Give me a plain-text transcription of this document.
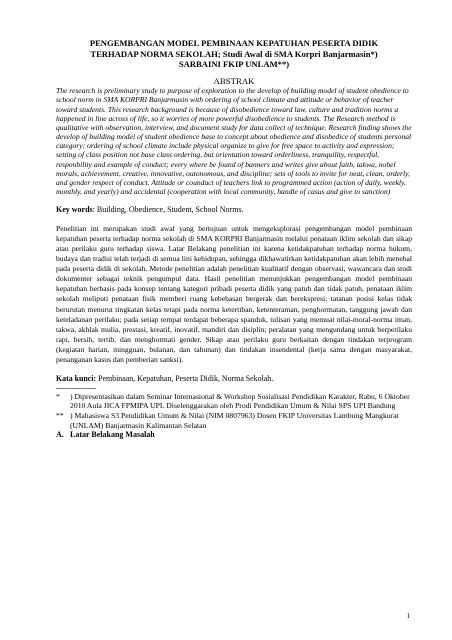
PENGEMBANGAN MODEL PEMBINAAN KEPATUHAN PESERTA DIDIK
TERHADAP NORMA SEKOLAH; Studi Awal di SMA Korpri Banjarmasin*)
SARBAINI FKIP UNLAM**)
ABSTRAK

The research is preliminary study to purpose of exploration to the develop of building model of student obedience to school norm in SMA KORPRI Banjarmasin with ordering of school climate and attitude or behavior of teacher toward students. This research background is because of disobedience toward law, culture and tradition norms a happened in line across of life, so it worries of more powerful disobedience to students. The Research method is qualitative with observation, interview, and document study for data collect of technique. Research finding shows the develop of building model of student obedience base to concept about obedience and disobedice of students personal category; ordering of school climate include physical organize to give for free space to activity and expression; setting of class position not base class ordering, but orientation toward orderliness, tranquility, respectful, responbility and example of conduct; every where be found of banners and writes give about faith, takwa, nobel morals, achievement, creative, innovative, outonomous, and discipline; sets of tools to invite for neat, clean, orderly, and gender respect of conduct. Attitude or counduct of teachers link to programmed action (action of daily, weekly, monthly, and yearly) and accidental (cooperation with local community, handle of casus and give to sanction)

Key words: Building, Obedience, Student, School Norms.

Penelitian ini merupakan studi awal yang bertujuan untuk mengeksplorasi pengembangan model pembinaan kepatuhan peserta terhadap norma sekolah di SMA KORPRI Banjarmasin melalui penataan iklim sekolah dan sikap atau perilaku guru terhadap siswa. Latar Belakang penelitian ini karena ketidakpatuhan terhadap norma hukum, budaya dan tradisi telah terjadi di semua lini kehidupan, sehingga dikhawatirkan ketidakpatuhan akan lebih menebal pada peserta didik di sekolah. Metode penelitian adalah penelitian kualitatif dengan observasi, wawancara dan studi dokumenter sebagai teknik pengumpul data. Hasil penelitian menunjukkan pengembangan model pembinaan kepatuhan berbasis pada konsep tentang kategori pribadi peserta didik yang patuh dan tidak patuh, penataan iklim sekolah meliputi penataan fisik memberi ruang kebebasan bergerak dan berekspresi; tatanan posisi kelas tidak berurutan menurut tingkatan kelas tetapi pada norma ketertiban, ketenteraman, penghormatan, tanggung jawab dan keteladanan perilaku; pada setiap tempat terdapat beberapa spanduk, tulisan yang memuat nilai-moral-norma iman, takwa, akhlak mulia, prestasi, kreatif, inovatif, mandiri dan disiplin; peralatan yang mengundang untuk berperilaku rapi, bersih, tertib, dan menghormati gender. Sikap atau perilaku guru berkaitan dengan tindakan terprogram (kegiatan harian, mingguan, bulanan, dan tahunan) dan tindakan insendental (kerja sama dengan masyarakat, penanganan kasus dan pemberian sanksi).

Kata kunci: Pembinaan, Kepatuhan, Peserta Didik, Norma Sekolah.
------------------
*	) Dipresentasikan dalam Seminar Internasional & Workshop Sosialisasi Pendidikan Karakter, Rabu, 6 Oktober 2010 Aula JICA FPMIPA UPI. Diselenggarakan oleh Prodi Pendidikan Umum & Nilai SPS UPI Bandung
** ) Mahasiswa S3 Pendidikan Umum & Nilai (NIM 0807963) Dosen FKIP Universitas Lambung Mangkurat (UNLAM) Banjarmasin Kalimantan Selatan
A. Latar Belakang Masalah
1
